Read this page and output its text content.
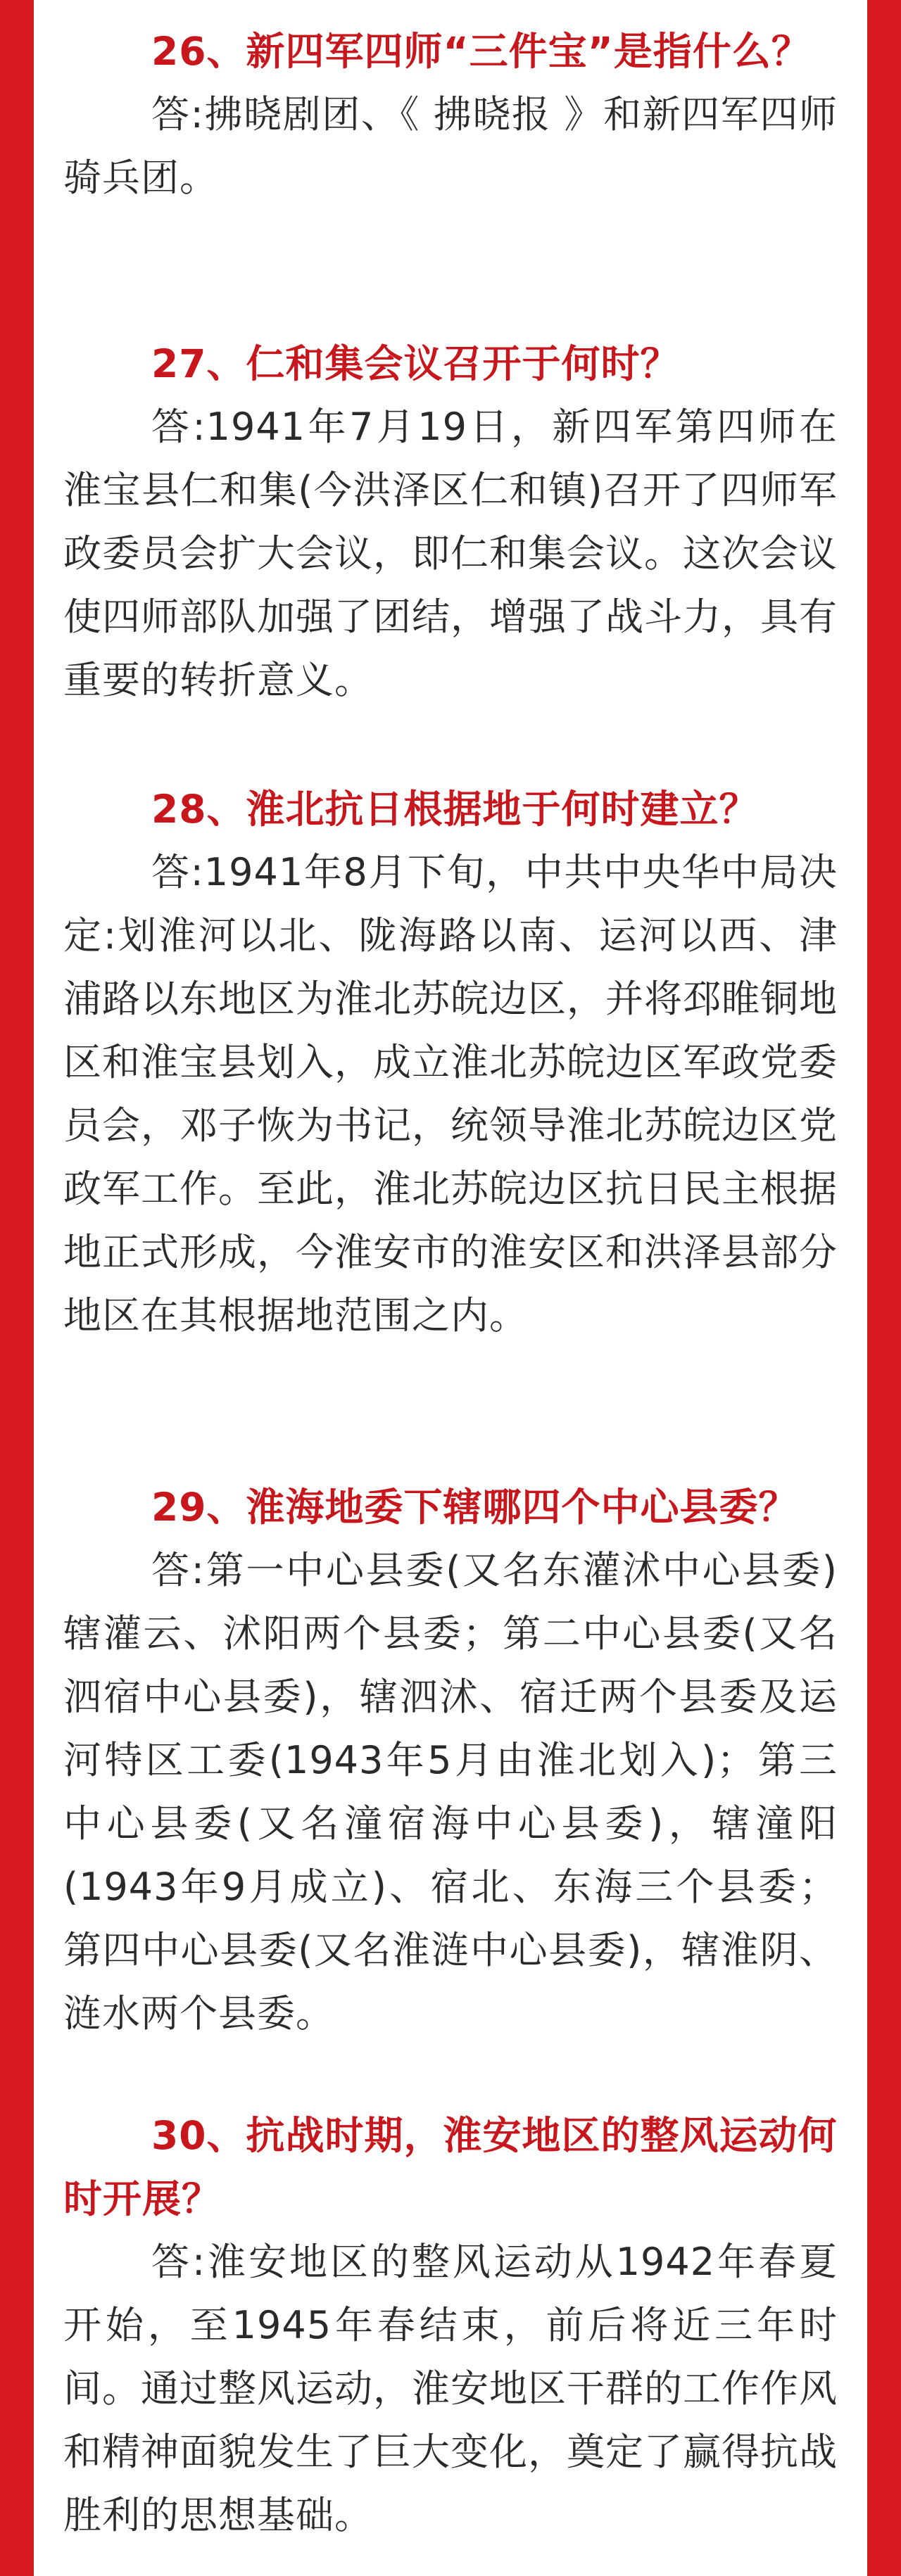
26、新四军四师“三件宝”是指什么？

答:拂晓剧团、《 拂晓报 》和新四军四师骑兵团。

27、仁和集会议召开于何时？

答:1941年7月19日，新四军第四师在淮宝县仁和集(今洪泽区仁和镇)召开了四师军政委员会扩大会议，即仁和集会议。这次会议使四师部队加强了团结，增强了战斗力，具有重要的转折意义。

28、淮北抗日根据地于何时建立？

答:1941年8月下旬，中共中央华中局决定:划淮河以北、陇海路以南、运河以西、津浦路以东地区为淮北苏皖边区，并将邳睢铜地区和淮宝县划入，成立淮北苏皖边区军政党委员会，邓子恢为书记，统领导淮北苏皖边区党政军工作。至此，淮北苏皖边区抗日民主根据地正式形成，今淮安市的淮安区和洪泽县部分地区在其根据地范围之内。

29、淮海地委下辖哪四个中心县委？

答:第一中心县委(又名东灌沭中心县委)辖灌云、沭阳两个县委；第二中心县委(又名泗宿中心县委)，辖泗沭、宿迁两个县委及运河特区工委(1943年5月由淮北划入)；第三中心县委(又名潼宿海中心县委)，辖潼阳(1943年9月成立)、宿北、东海三个县委；第四中心县委(又名淮涟中心县委)，辖淮阴、涟水两个县委。

30、抗战时期，淮安地区的整风运动何时开展？

答:淮安地区的整风运动从1942年春夏开始，至1945年春结束，前后将近三年时间。通过整风运动，淮安地区干群的工作作风和精神面貌发生了巨大变化，奠定了赢得抗战胜利的思想基础。
